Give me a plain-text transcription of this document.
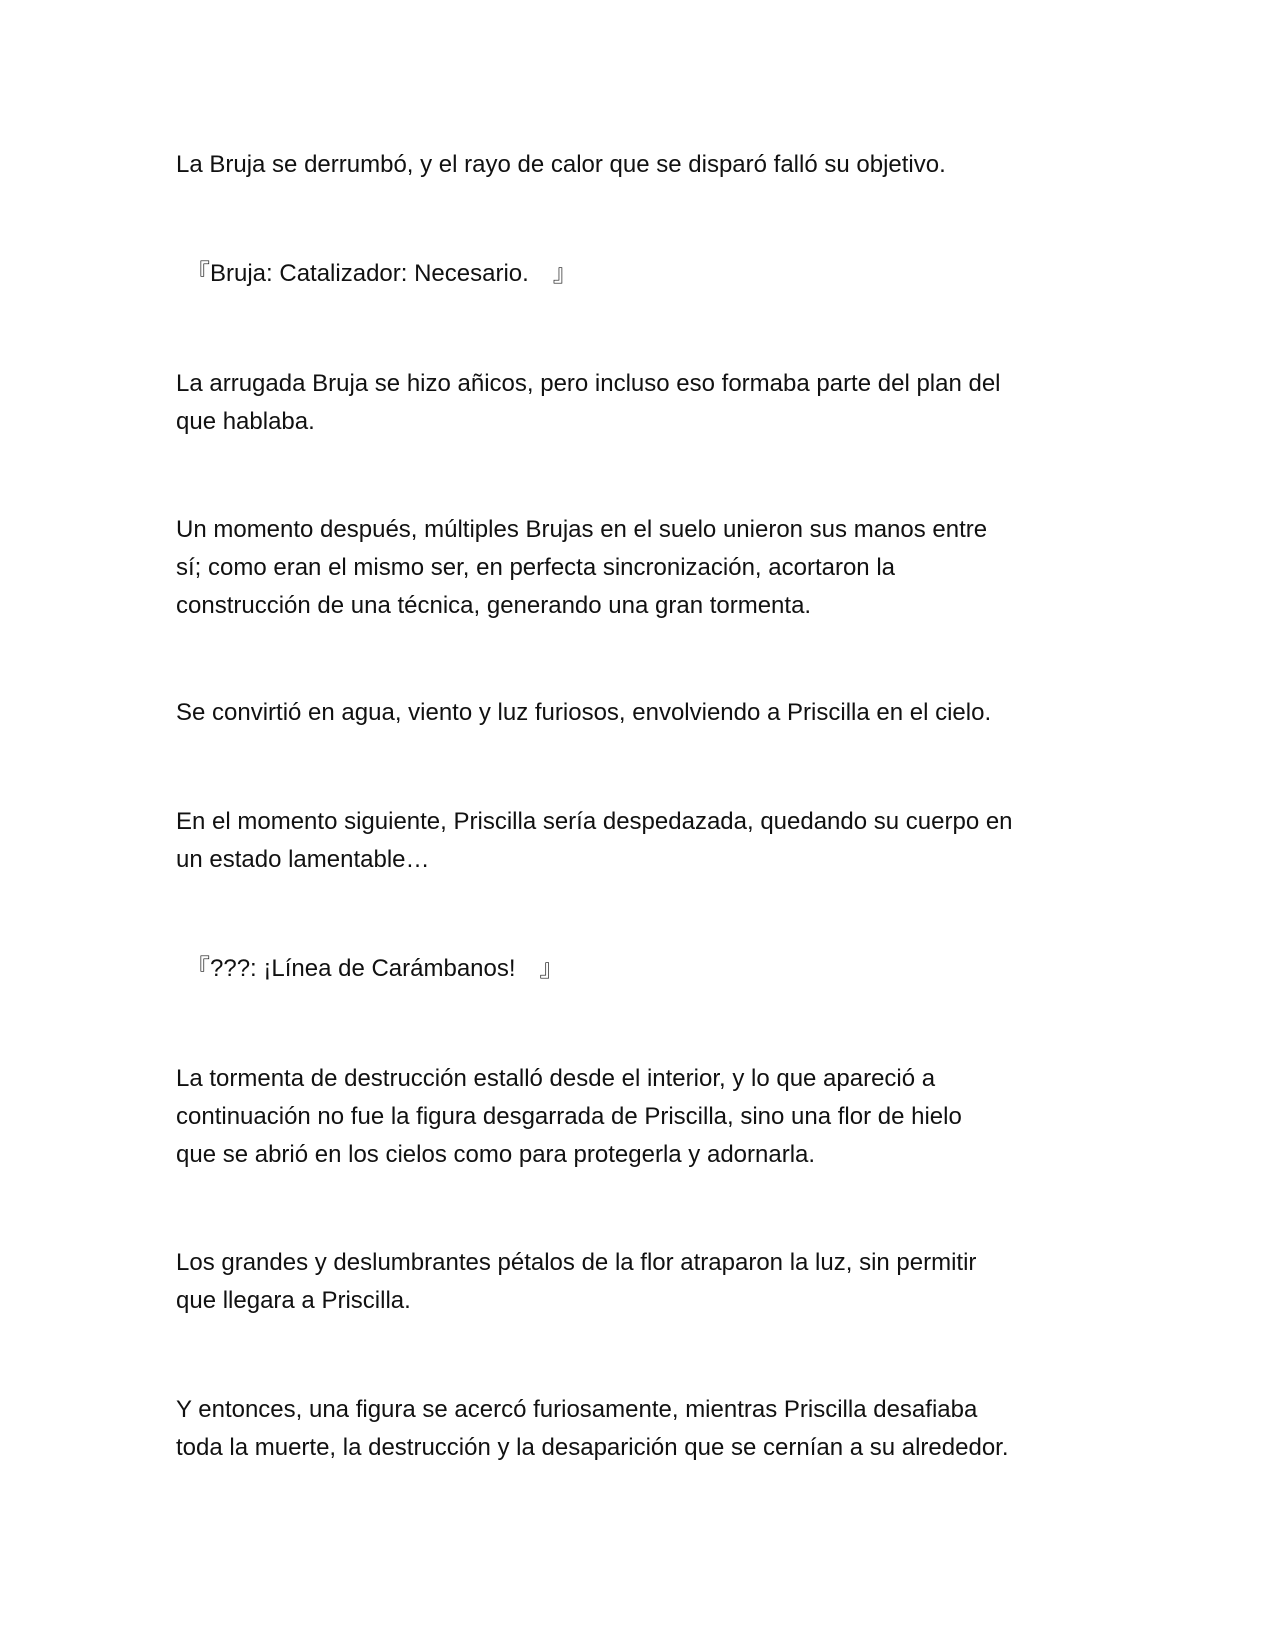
La Bruja se derrumbó, y el rayo de calor que se disparó falló su objetivo.

『Bruja: Catalizador: Necesario.　』

La arrugada Bruja se hizo añicos, pero incluso eso formaba parte del plan del
que hablaba.

Un momento después, múltiples Brujas en el suelo unieron sus manos entre
sí; como eran el mismo ser, en perfecta sincronización, acortaron la
construcción de una técnica, generando una gran tormenta.

Se convirtió en agua, viento y luz furiosos, envolviendo a Priscilla en el cielo.

En el momento siguiente, Priscilla sería despedazada, quedando su cuerpo en
un estado lamentable…

『???: ¡Línea de Carámbanos!　』

La tormenta de destrucción estalló desde el interior, y lo que apareció a
continuación no fue la figura desgarrada de Priscilla, sino una flor de hielo
que se abrió en los cielos como para protegerla y adornarla.

Los grandes y deslumbrantes pétalos de la flor atraparon la luz, sin permitir
que llegara a Priscilla.

Y entonces, una figura se acercó furiosamente, mientras Priscilla desafiaba
toda la muerte, la destrucción y la desaparición que se cernían a su alrededor.
